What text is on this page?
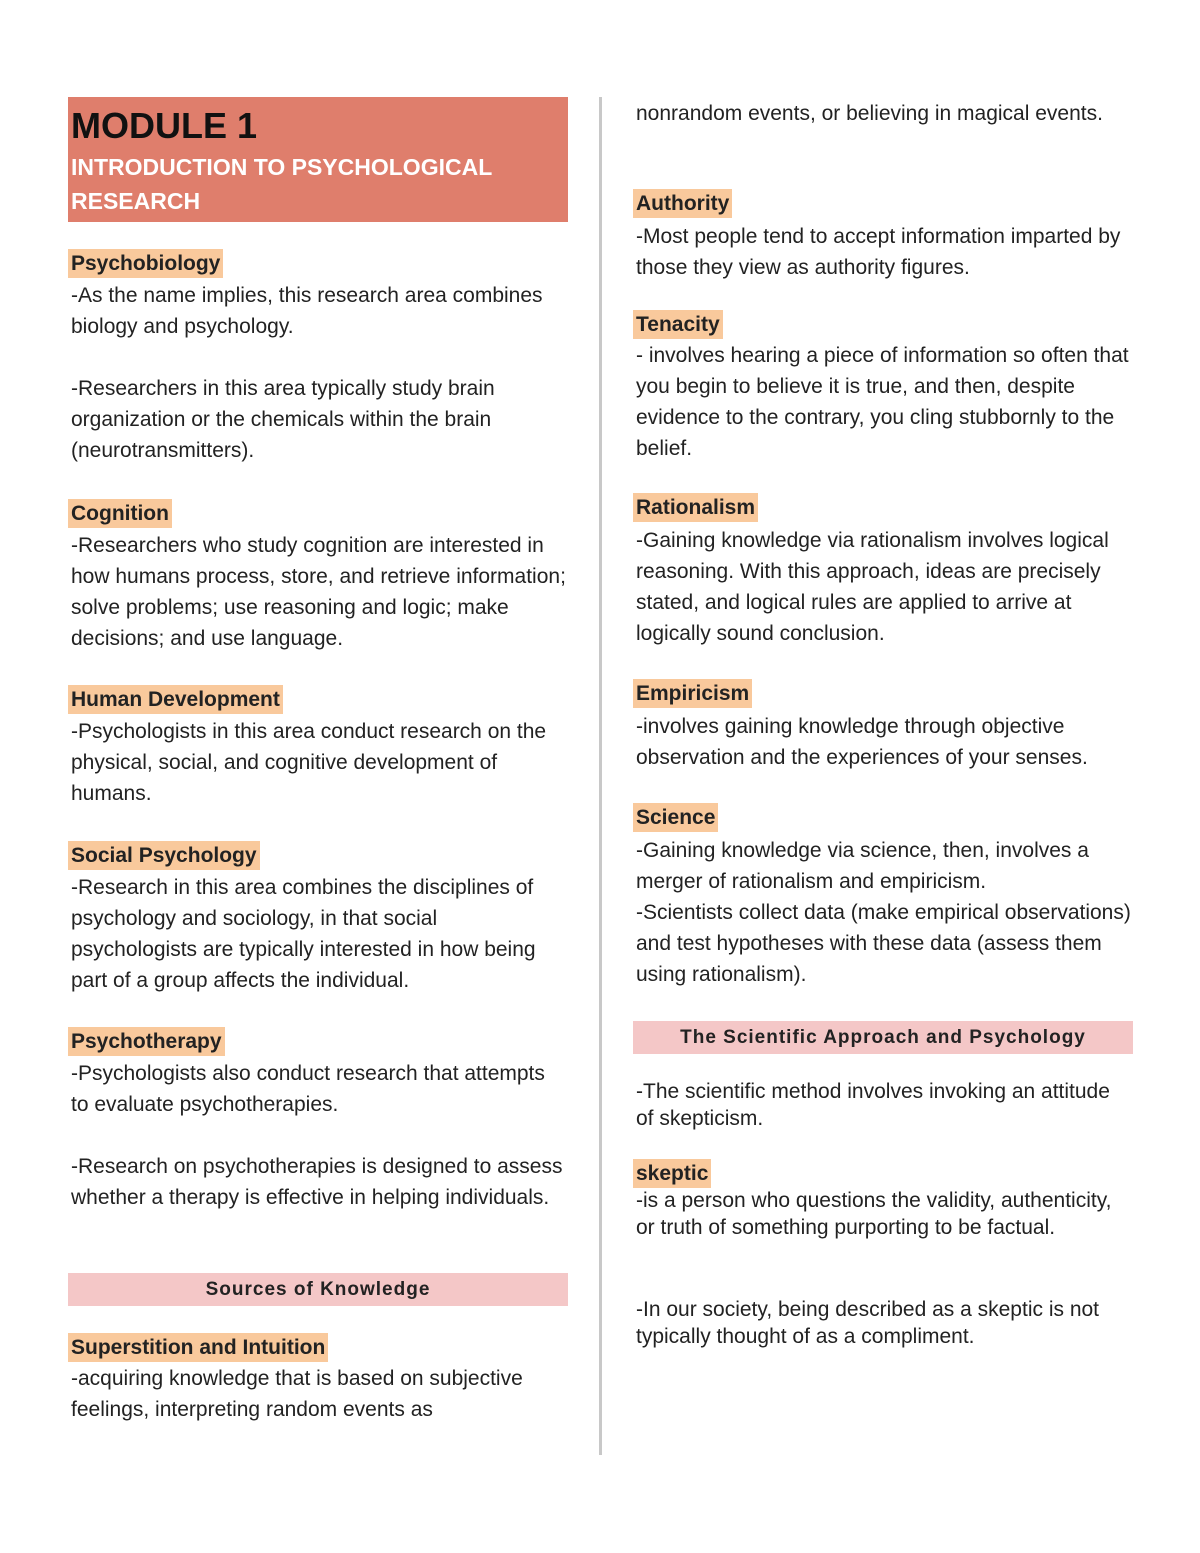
MODULE 1
INTRODUCTION TO PSYCHOLOGICAL RESEARCH
Psychobiology
-As the name implies, this research area combines biology and psychology.
-Researchers in this area typically study brain organization or the chemicals within the brain (neurotransmitters).
Cognition
-Researchers who study cognition are interested in how humans process, store, and retrieve information; solve problems; use reasoning and logic; make decisions; and use language.
Human Development
-Psychologists in this area conduct research on the physical, social, and cognitive development of humans.
Social Psychology
-Research in this area combines the disciplines of psychology and sociology, in that social psychologists are typically interested in how being part of a group affects the individual.
Psychotherapy
-Psychologists also conduct research that attempts to evaluate psychotherapies.
-Research on psychotherapies is designed to assess whether a therapy is effective in helping individuals.
Sources of Knowledge
Superstition and Intuition
-acquiring knowledge that is based on subjective feelings, interpreting random events as
nonrandom events, or believing in magical events.
Authority
-Most people tend to accept information imparted by those they view as authority figures.
Tenacity
- involves hearing a piece of information so often that you begin to believe it is true, and then, despite evidence to the contrary, you cling stubbornly to the belief.
Rationalism
-Gaining knowledge via rationalism involves logical reasoning. With this approach, ideas are precisely stated, and logical rules are applied to arrive at logically sound conclusion.
Empiricism
-involves gaining knowledge through objective observation and the experiences of your senses.
Science
-Gaining knowledge via science, then, involves a merger of rationalism and empiricism.
-Scientists collect data (make empirical observations) and test hypotheses with these data (assess them using rationalism).
The Scientific Approach and Psychology
-The scientific method involves invoking an attitude of skepticism.
skeptic
-is a person who questions the validity, authenticity, or truth of something purporting to be factual.
-In our society, being described as a skeptic is not typically thought of as a compliment.
